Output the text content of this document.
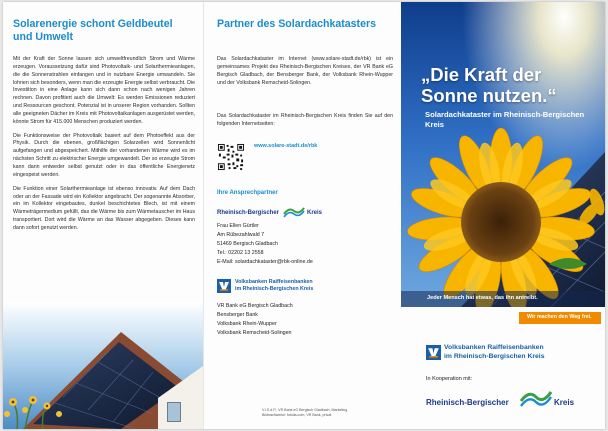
Solarenergie schont Geldbeutel und Umwelt

Mit der Kraft der Sonne lassen sich umweltfreundlich Strom und Wärme erzeugen. Voraussetzung dafür sind Photovoltaik- und Solarthermieanlagen, die die Sonnenstrahlen einfangen und in nutzbare Energie umwandeln. Sie lohnen sich besonders, wenn man die erzeugte Energie selbst verbraucht. Die Investition in eine Anlage kann sich dann schon nach wenigen Jahren rechnen. Davon profitiert auch die Umwelt: Es werden Emissionen reduziert und Ressourcen geschont. Potenzial ist in unserer Region vorhanden. Sollten alle geeigneten Dächer im Kreis mit Photovoltaikanlagen ausgerüstet werden, könnte Strom für 415.000 Menschen produziert werden.

Die Funktionsweise der Photovoltaik basiert auf dem Photoeffekt aus der Physik. Durch die ebenen, großflächigen Solarzellen wird Sonnenlicht aufgefangen und abgespeichert. Mithilfe der vorhandenen Wärme wird es im nächsten Schritt zu elektrischer Energie umgewandelt. Der so erzeugte Strom kann dann entweder selbst genutzt oder in das öffentliche Energienetz eingespeist werden.

Die Funktion einer Solarthermieanlage ist ebenso innovativ. Auf dem Dach oder an der Fassade wird ein Kollektor angebracht. Der sogenannte Absorber, ein im Kollektor eingebautes, dunkel beschichtetes Blech, ist mit einem Wärmeträgermedium gefüllt, das die Wärme bis zum Wärmetauscher im Haus transportiert. Dort wird die Wärme an das Wasser abgegeben. Dieses kann dann sofort genutzt werden.

Partner des Solardachkatasters

Das Solardachkataster im Internet (www.solare-stadt.de/rbk) ist ein gemeinsames Projekt des Rheinisch-Bergischen Kreises, der VR Bank eG Bergisch Gladbach, der Bensberger Bank, der Volksbank Rhein-Wupper und der Volksbank Remscheid-Solingen.

Das Solardachkataster im Rheinisch-Bergischen Kreis finden Sie auf den folgenden Internetseiten:

www.solare-stadt.de/rbk
Ihre Ansprechpartner
Rheinisch-Bergischer	Kreis
Frau Ellen Gürtler
Am Rübezahlwald 7
51469 Bergisch Gladbach
Tel.: 02202 13 2558
E-Mail: solardachkataster@rbk-online.de
Volksbanken Raiffeisenbanken
im Rheinisch-Bergischen Kreis
VR Bank eG Bergisch Gladbach
Bensberger Bank
Volksbank Rhein-Wupper
Volksbank Remscheid-Solingen
V.i.S.d.P.: VR Bank eG Bergisch Gladbach, Marketing
Bildnachweise: fotolia.com, VR Bank, privat
„Die Kraft der Sonne nutzen.“
Solardachkataster im Rheinisch-Bergischen Kreis
Jeder Mensch hat etwas, das ihn antreibt.
Wir machen den Weg frei.
Volksbanken Raiffeisenbanken
im Rheinisch-Bergischen Kreis
In Kooperation mit:
Rheinisch-Bergischer	Kreis
